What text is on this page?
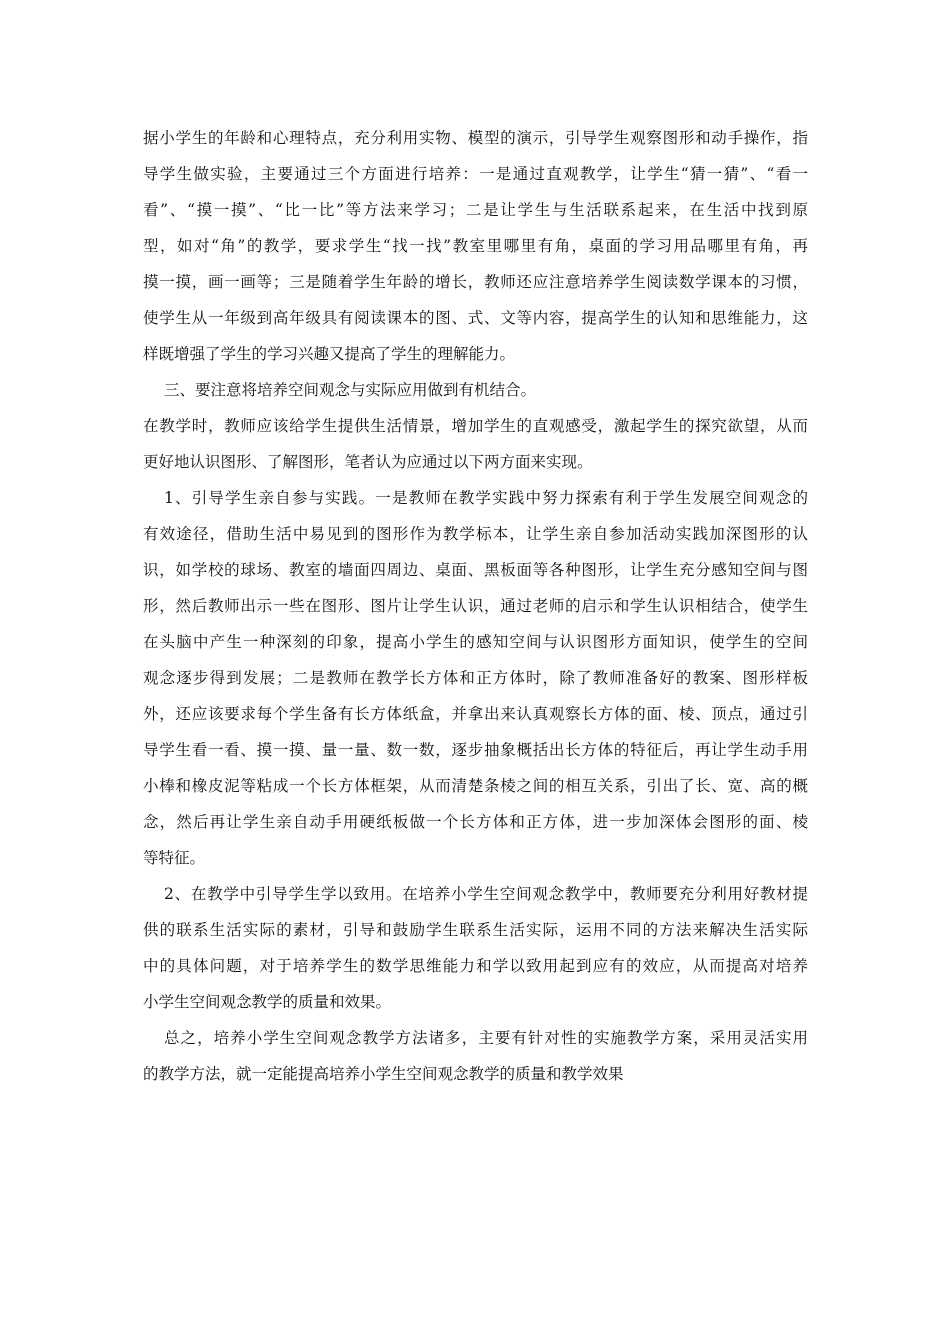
据小学生的年龄和心理特点，充分利用实物、模型的演示，引导学生观察图形和动手操作，指
导学生做实验，主要通过三个方面进行培养：一是通过直观教学，让学生“猜一猜”、“看一
看”、“摸一摸”、“比一比”等方法来学习；二是让学生与生活联系起来，在生活中找到原
型，如对“角”的教学，要求学生“找一找”教室里哪里有角，桌面的学习用品哪里有角，再
摸一摸，画一画等；三是随着学生年龄的增长，教师还应注意培养学生阅读数学课本的习惯，
使学生从一年级到高年级具有阅读课本的图、式、文等内容，提高学生的认知和思维能力，这
样既增强了学生的学习兴趣又提高了学生的理解能力。
三、要注意将培养空间观念与实际应用做到有机结合。
在教学时，教师应该给学生提供生活情景，增加学生的直观感受，激起学生的探究欲望，从而
更好地认识图形、了解图形，笔者认为应通过以下两方面来实现。
1、引导学生亲自参与实践。一是教师在教学实践中努力探索有利于学生发展空间观念的
有效途径，借助生活中易见到的图形作为教学标本，让学生亲自参加活动实践加深图形的认
识，如学校的球场、教室的墙面四周边、桌面、黑板面等各种图形，让学生充分感知空间与图
形，然后教师出示一些在图形、图片让学生认识，通过老师的启示和学生认识相结合，使学生
在头脑中产生一种深刻的印象，提高小学生的感知空间与认识图形方面知识，使学生的空间
观念逐步得到发展；二是教师在教学长方体和正方体时，除了教师准备好的教案、图形样板
外，还应该要求每个学生备有长方体纸盒，并拿出来认真观察长方体的面、棱、顶点，通过引
导学生看一看、摸一摸、量一量、数一数，逐步抽象概括出长方体的特征后，再让学生动手用
小棒和橡皮泥等粘成一个长方体框架，从而清楚条棱之间的相互关系，引出了长、宽、高的概
念，然后再让学生亲自动手用硬纸板做一个长方体和正方体，进一步加深体会图形的面、棱
等特征。
2、在教学中引导学生学以致用。在培养小学生空间观念教学中，教师要充分利用好教材提
供的联系生活实际的素材，引导和鼓励学生联系生活实际，运用不同的方法来解决生活实际
中的具体问题，对于培养学生的数学思维能力和学以致用起到应有的效应，从而提高对培养
小学生空间观念教学的质量和效果。
总之，培养小学生空间观念教学方法诸多，主要有针对性的实施教学方案，采用灵活实用
的教学方法，就一定能提高培养小学生空间观念教学的质量和教学效果
